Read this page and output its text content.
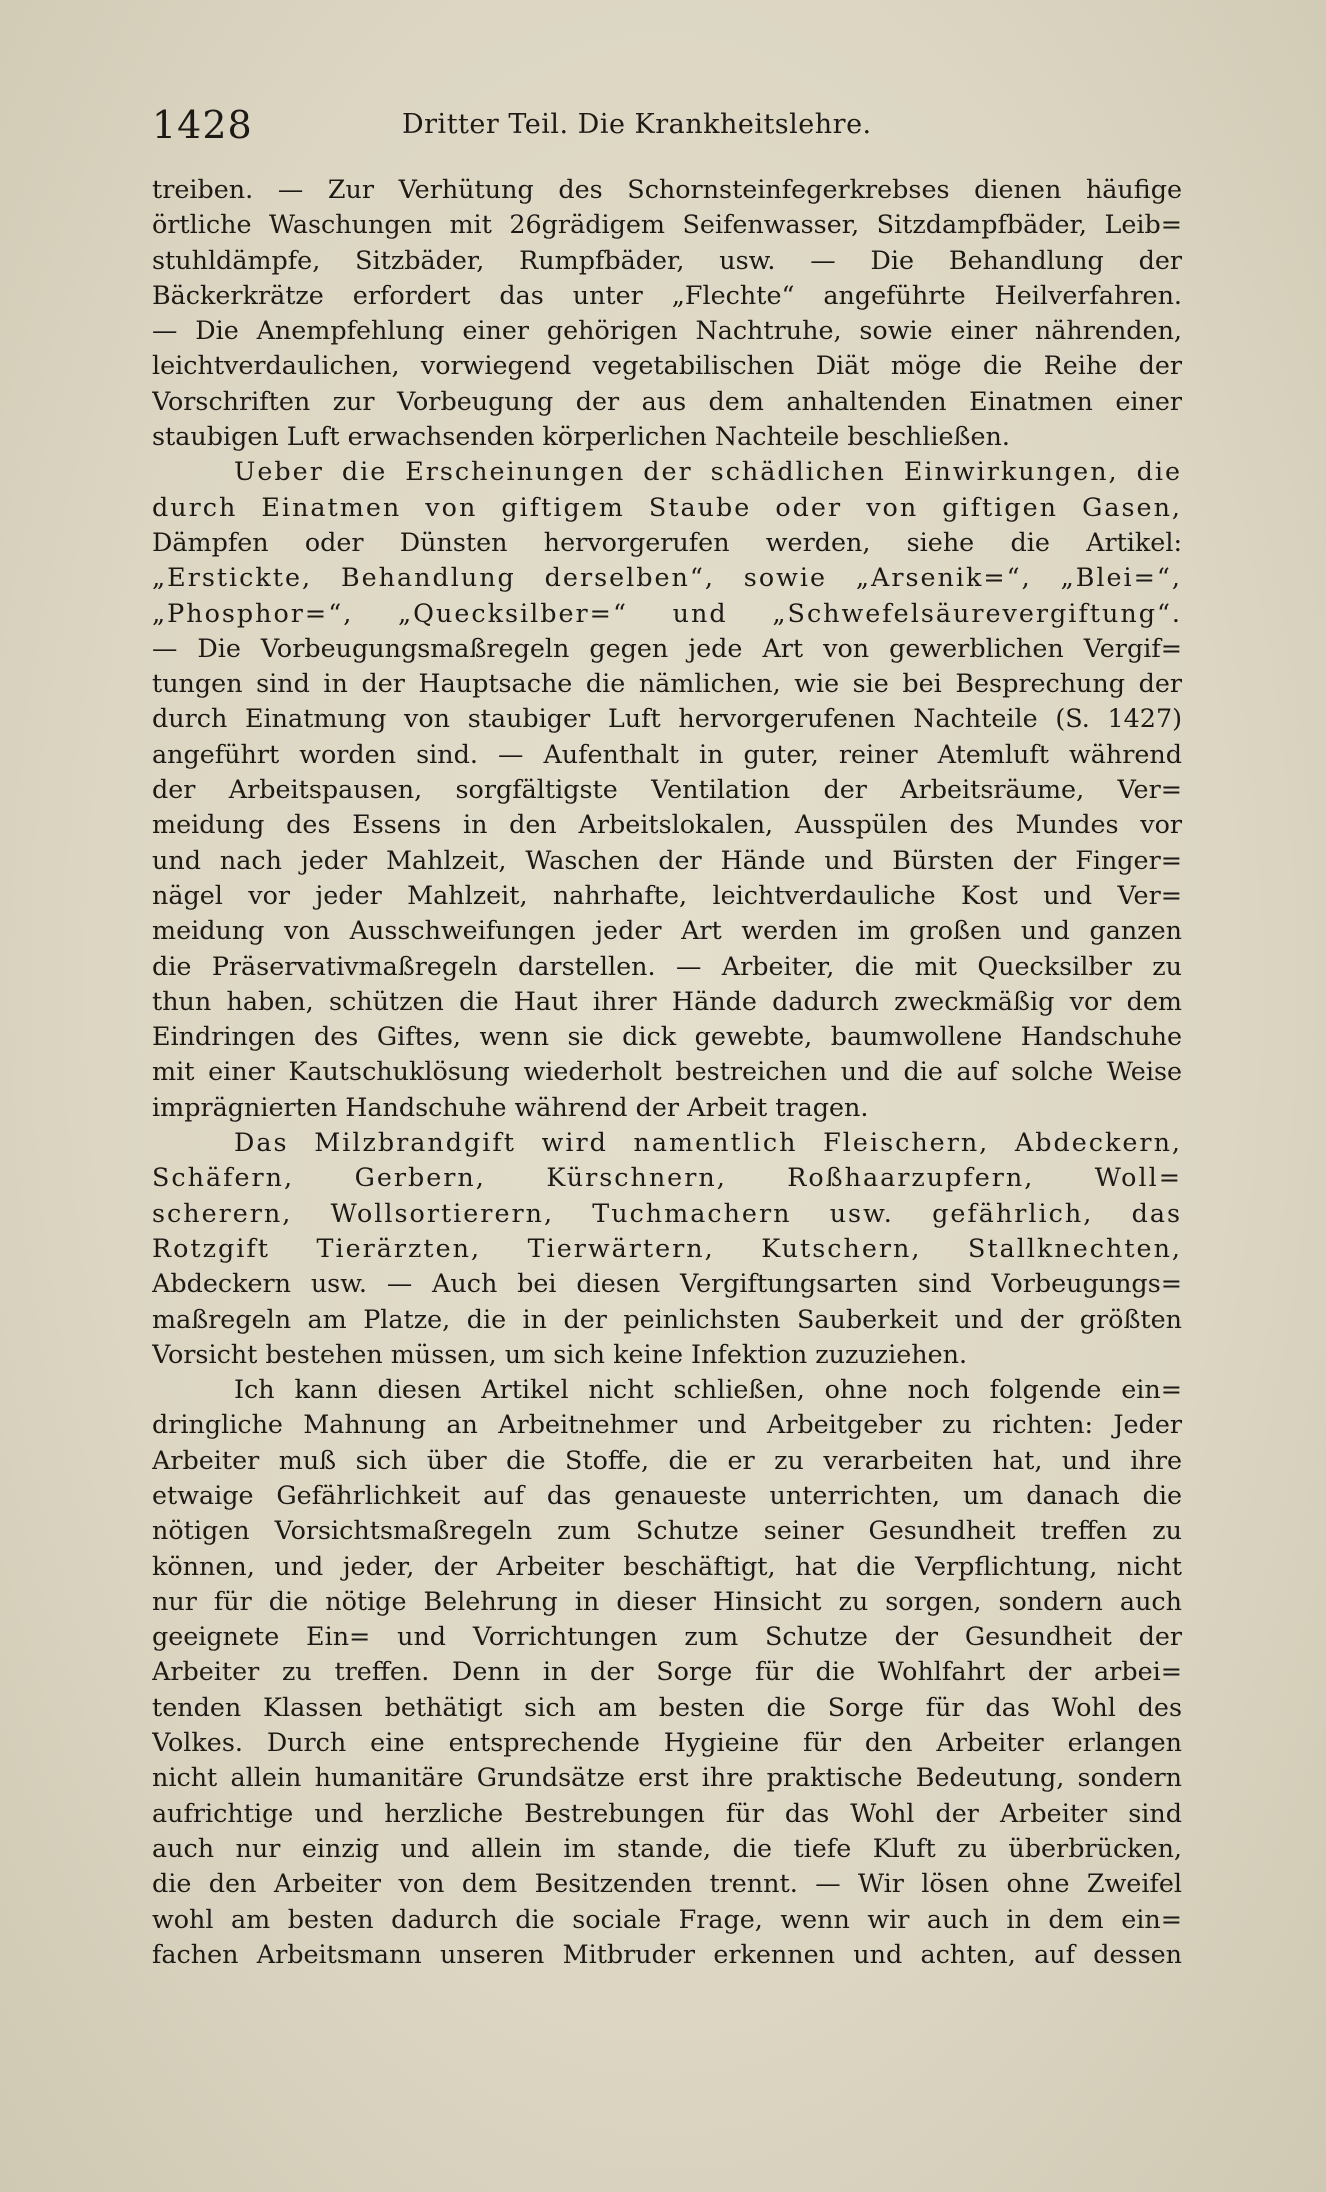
1428	Dritter Teil. Die Krankheitslehre.
treiben. — Zur Verhütung des Schornsteinfegerkrebses dienen häufige
örtliche Waschungen mit 26grädigem Seifenwasser, Sitzdampfbäder, Leib=
stuhldämpfe, Sitzbäder, Rumpfbäder, usw. — Die Behandlung der
Bäckerkrätze erfordert das unter „Flechte“ angeführte Heilverfahren.
— Die Anempfehlung einer gehörigen Nachtruhe, sowie einer nährenden,
leichtverdaulichen, vorwiegend vegetabilischen Diät möge die Reihe der
Vorschriften zur Vorbeugung der aus dem anhaltenden Einatmen einer
staubigen Luft erwachsenden körperlichen Nachteile beschließen.
Ueber die Erscheinungen der schädlichen Einwirkungen, die
durch Einatmen von giftigem Staube oder von giftigen Gasen,
Dämpfen oder Dünsten hervorgerufen werden, siehe die Artikel:
„Erstickte, Behandlung derselben“, sowie „Arsenik=“, „Blei=“,
„Phosphor=“, „Quecksilber=“ und „Schwefelsäurevergiftung“.
— Die Vorbeugungsmaßregeln gegen jede Art von gewerblichen Vergif=
tungen sind in der Hauptsache die nämlichen, wie sie bei Besprechung der
durch Einatmung von staubiger Luft hervorgerufenen Nachteile (S. 1427)
angeführt worden sind. — Aufenthalt in guter, reiner Atemluft während
der Arbeitspausen, sorgfältigste Ventilation der Arbeitsräume, Ver=
meidung des Essens in den Arbeitslokalen, Ausspülen des Mundes vor
und nach jeder Mahlzeit, Waschen der Hände und Bürsten der Finger=
nägel vor jeder Mahlzeit, nahrhafte, leichtverdauliche Kost und Ver=
meidung von Ausschweifungen jeder Art werden im großen und ganzen
die Präservativmaßregeln darstellen. — Arbeiter, die mit Quecksilber zu
thun haben, schützen die Haut ihrer Hände dadurch zweckmäßig vor dem
Eindringen des Giftes, wenn sie dick gewebte, baumwollene Handschuhe
mit einer Kautschuklösung wiederholt bestreichen und die auf solche Weise
imprägnierten Handschuhe während der Arbeit tragen.
Das Milzbrandgift wird namentlich Fleischern, Abdeckern,
Schäfern, Gerbern, Kürschnern, Roßhaarzupfern, Woll=
scherern, Wollsortierern, Tuchmachern usw. gefährlich, das
Rotzgift Tierärzten, Tierwärtern, Kutschern, Stallknechten,
Abdeckern usw. — Auch bei diesen Vergiftungsarten sind Vorbeugungs=
maßregeln am Platze, die in der peinlichsten Sauberkeit und der größten
Vorsicht bestehen müssen, um sich keine Infektion zuzuziehen.
Ich kann diesen Artikel nicht schließen, ohne noch folgende ein=
dringliche Mahnung an Arbeitnehmer und Arbeitgeber zu richten: Jeder
Arbeiter muß sich über die Stoffe, die er zu verarbeiten hat, und ihre
etwaige Gefährlichkeit auf das genaueste unterrichten, um danach die
nötigen Vorsichtsmaßregeln zum Schutze seiner Gesundheit treffen zu
können, und jeder, der Arbeiter beschäftigt, hat die Verpflichtung, nicht
nur für die nötige Belehrung in dieser Hinsicht zu sorgen, sondern auch
geeignete Ein= und Vorrichtungen zum Schutze der Gesundheit der
Arbeiter zu treffen. Denn in der Sorge für die Wohlfahrt der arbei=
tenden Klassen bethätigt sich am besten die Sorge für das Wohl des
Volkes. Durch eine entsprechende Hygieine für den Arbeiter erlangen
nicht allein humanitäre Grundsätze erst ihre praktische Bedeutung, sondern
aufrichtige und herzliche Bestrebungen für das Wohl der Arbeiter sind
auch nur einzig und allein im stande, die tiefe Kluft zu überbrücken,
die den Arbeiter von dem Besitzenden trennt. — Wir lösen ohne Zweifel
wohl am besten dadurch die sociale Frage, wenn wir auch in dem ein=
fachen Arbeitsmann unseren Mitbruder erkennen und achten, auf dessen
